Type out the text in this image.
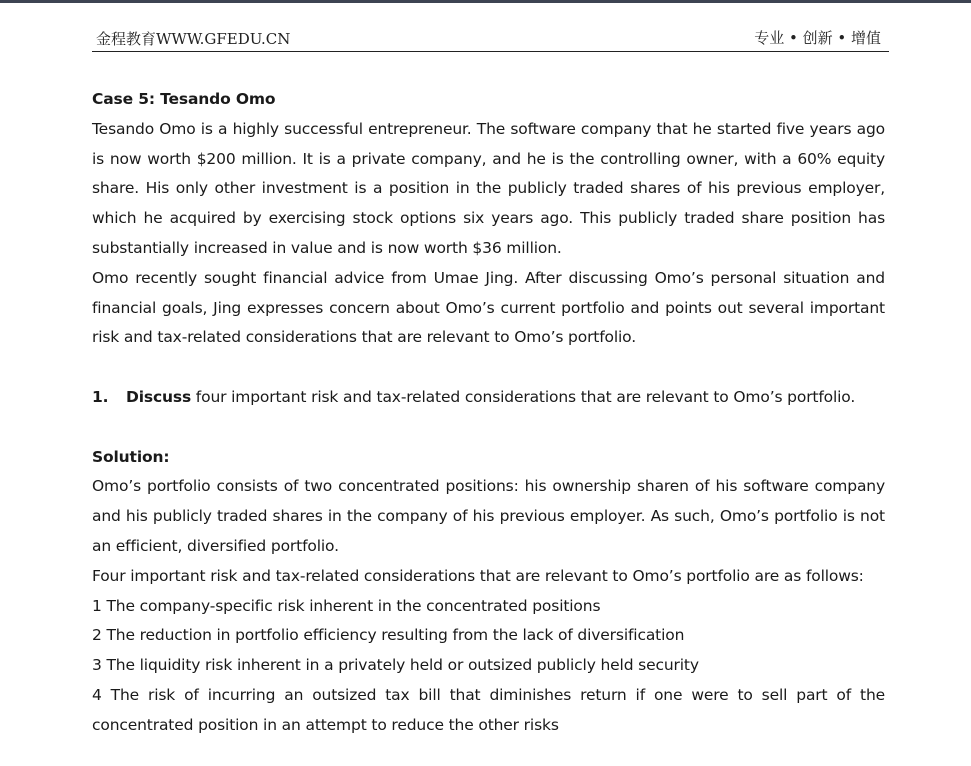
金程教育WWW.GFEDU.CN	专业 • 创新 • 增值

Case 5: Tesando Omo

Tesando Omo is a highly successful entrepreneur. The software company that he started five years ago is now worth $200 million. It is a private company, and he is the controlling owner, with a 60% equity share. His only other investment is a position in the publicly traded shares of his previous employer, which he acquired by exercising stock options six years ago. This publicly traded share position has substantially increased in value and is now worth $36 million.

Omo recently sought financial advice from Umae Jing. After discussing Omo’s personal situation and financial goals, Jing expresses concern about Omo’s current portfolio and points out several important risk and tax-related considerations that are relevant to Omo’s portfolio.

1. Discuss four important risk and tax-related considerations that are relevant to Omo’s portfolio.

Solution:

Omo’s portfolio consists of two concentrated positions: his ownership sharen of his software company and his publicly traded shares in the company of his previous employer. As such, Omo’s portfolio is not an efficient, diversified portfolio.

Four important risk and tax-related considerations that are relevant to Omo’s portfolio are as follows:

1 The company-specific risk inherent in the concentrated positions

2 The reduction in portfolio efficiency resulting from the lack of diversification

3 The liquidity risk inherent in a privately held or outsized publicly held security

4 The risk of incurring an outsized tax bill that diminishes return if one were to sell part of the concentrated position in an attempt to reduce the other risks
